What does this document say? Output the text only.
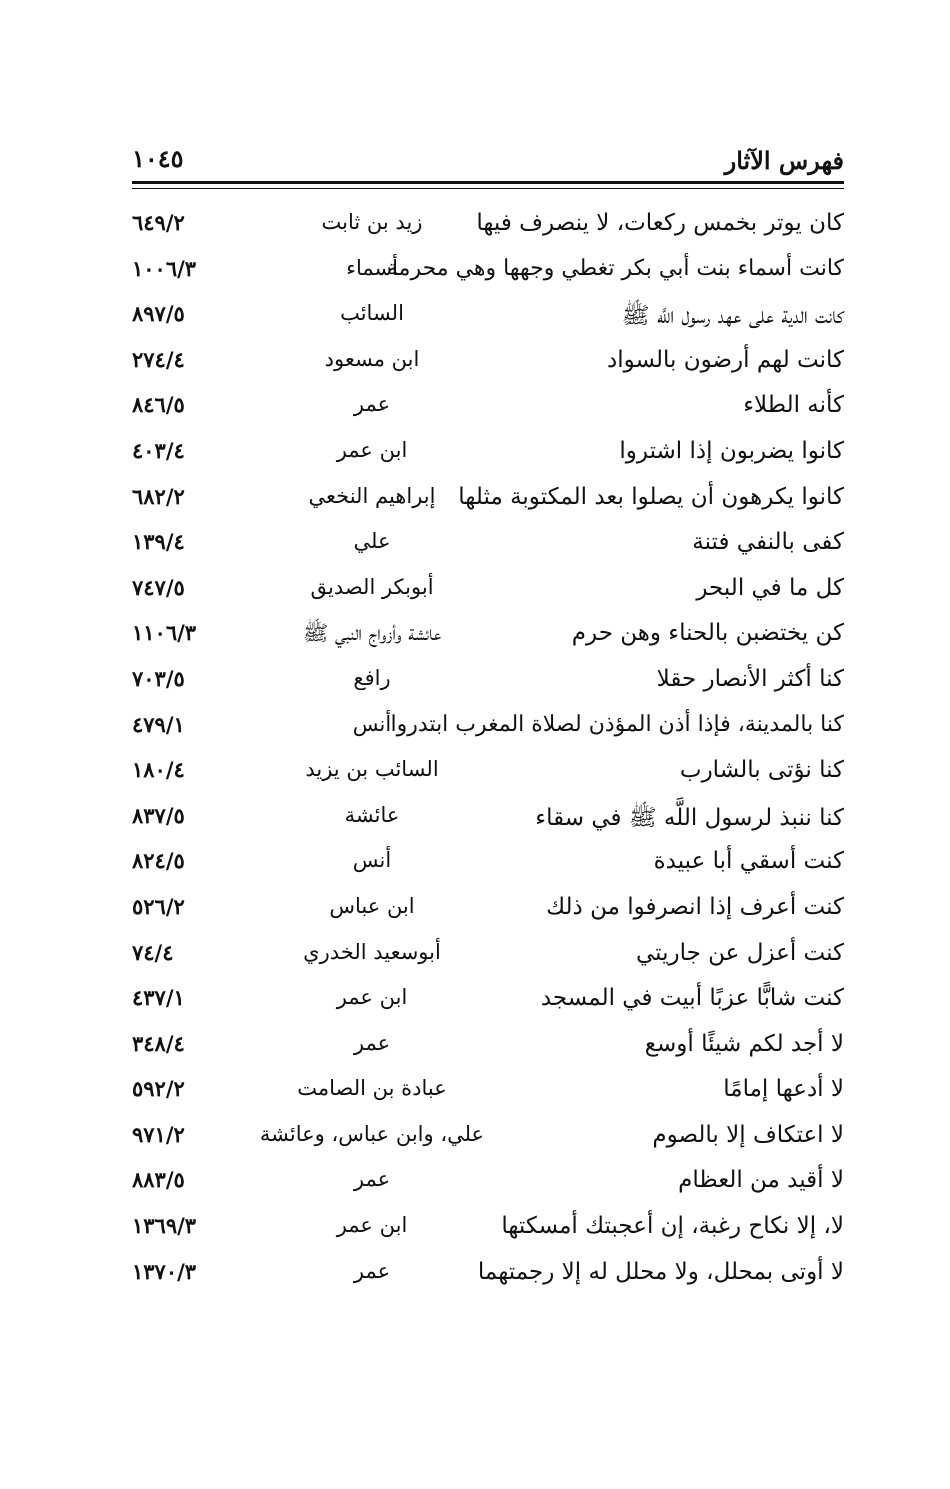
فهرس الآثار
١٠٤٥
كان يوتر بخمس ركعات، لا ينصرف فيها
زيد بن ثابت
٦٤٩/٢
كانت أسماء بنت أبي بكر تغطي وجهها وهي محرمة
أسماء
١٠٠٦/٣
كانت الدية على عهد رسول اللَّه ﷺ
السائب
٨٩٧/٥
كانت لهم أرضون بالسواد
ابن مسعود
٢٧٤/٤
كأنه الطلاء
عمر
٨٤٦/٥
كانوا يضربون إذا اشتروا
ابن عمر
٤٠٣/٤
كانوا يكرهون أن يصلوا بعد المكتوبة مثلها
إبراهيم النخعي
٦٨٢/٢
كفى بالنفي فتنة
علي
١٣٩/٤
كل ما في البحر
أبوبكر الصديق
٧٤٧/٥
كن يختضبن بالحناء وهن حرم
عائشة وأزواج النبي ﷺ
١١٠٦/٣
كنا أكثر الأنصار حقلا
رافع
٧٠٣/٥
كنا بالمدينة، فإذا أذن المؤذن لصلاة المغرب ابتدروا
أنس
٤٧٩/١
كنا نؤتى بالشارب
السائب بن يزيد
١٨٠/٤
كنا ننبذ لرسول اللَّه ﷺ في سقاء
عائشة
٨٣٧/٥
كنت أسقي أبا عبيدة
أنس
٨٢٤/٥
كنت أعرف إذا انصرفوا من ذلك
ابن عباس
٥٢٦/٢
كنت أعزل عن جاريتي
أبوسعيد الخدري
٧٤/٤
كنت شابًّا عزبًا أبيت في المسجد
ابن عمر
٤٣٧/١
لا أجد لكم شيئًا أوسع
عمر
٣٤٨/٤
لا أدعها إمامًا
عبادة بن الصامت
٥٩٢/٢
لا اعتكاف إلا بالصوم
علي، وابن عباس، وعائشة
٩٧١/٢
لا أقيد من العظام
عمر
٨٨٣/٥
لا، إلا نكاح رغبة، إن أعجبتك أمسكتها
ابن عمر
١٣٦٩/٣
لا أوتى بمحلل، ولا محلل له إلا رجمتهما
عمر
١٣٧٠/٣
